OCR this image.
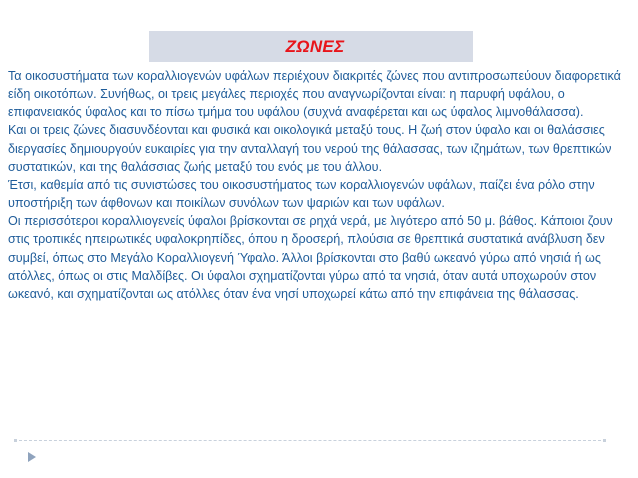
ΖΩΝΕΣ

Τα οικοσυστήματα των κοραλλιογενών υφάλων περιέχουν διακριτές ζώνες που αντιπροσωπεύουν διαφορετικά είδη οικοτόπων. Συνήθως, οι τρεις μεγάλες περιοχές που αναγνωρίζονται είναι: η παρυφή υφάλου, ο επιφανειακός ύφαλος και το πίσω τμήμα του υφάλου (συχνά αναφέρεται και ως ύφαλος λιμνοθάλασσα).

Και οι τρεις ζώνες διασυνδέονται και φυσικά και οικολογικά μεταξύ τους. Η ζωή στον ύφαλο και οι θαλάσσιες διεργασίες δημιουργούν ευκαιρίες για την ανταλλαγή του νερού της θάλασσας, των ιζημάτων, των θρεπτικών συστατικών, και της θαλάσσιας ζωής μεταξύ του ενός με του άλλου.

Έτσι, καθεμία από τις συνιστώσες του οικοσυστήματος των κοραλλιογενών υφάλων, παίζει ένα ρόλο στην υποστήριξη των άφθονων και ποικίλων συνόλων των ψαριών και των υφάλων.

Οι περισσότεροι κοραλλιογενείς ύφαλοι βρίσκονται σε ρηχά νερά, με λιγότερο από 50 μ. βάθος. Κάποιοι ζουν στις τροπικές ηπειρωτικές υφαλοκρηπίδες, όπου η δροσερή, πλούσια σε θρεπτικά συστατικά ανάβλυση δεν συμβεί, όπως στο Μεγάλο Κοραλλιογενή Ύφαλο. Άλλοι βρίσκονται στο βαθύ ωκεανό γύρω από νησιά ή ως ατόλλες, όπως οι στις Μαλδίβες. Οι ύφαλοι σχηματίζονται γύρω από τα νησιά, όταν αυτά υποχωρούν στον ωκεανό, και σχηματίζονται ως ατόλλες όταν ένα νησί υποχωρεί κάτω από την επιφάνεια της θάλασσας.
